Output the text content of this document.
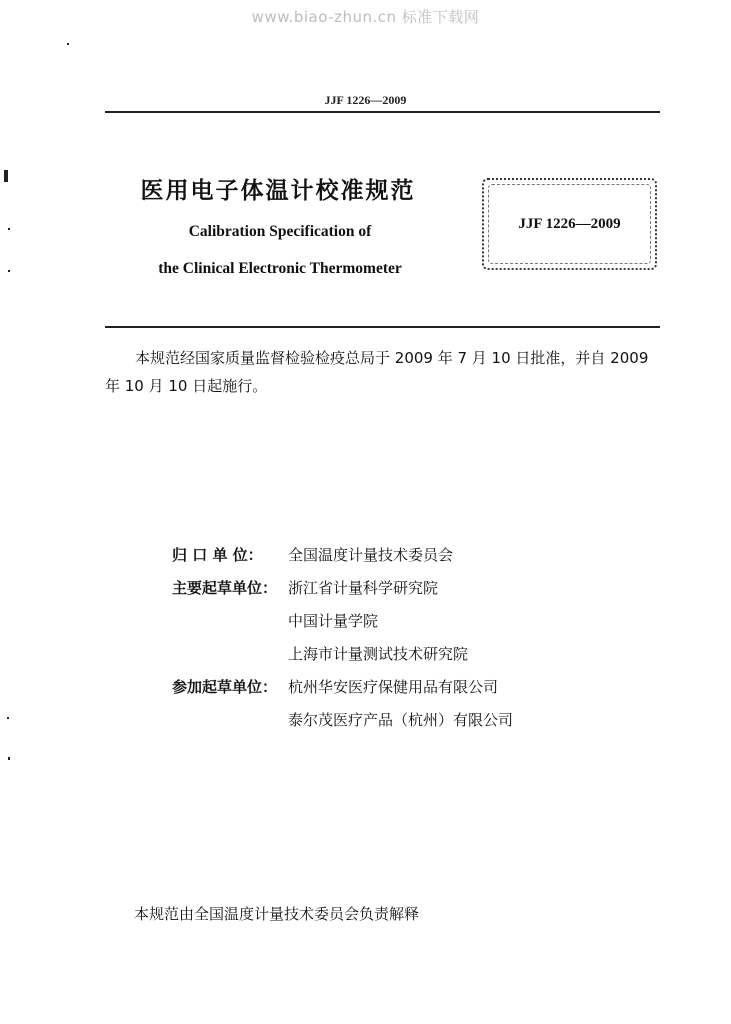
www.biao-zhun.cn 标准下载网
JJF 1226—2009
医用电子体温计校准规范
Calibration Specification of
the Clinical Electronic Thermometer
JJF 1226—2009
本规范经国家质量监督检验检疫总局于 2009 年 7 月 10 日批准，并自 2009 年 10 月 10 日起施行。
归 口 单 位：	全国温度计量技术委员会
主要起草单位： 浙江省计量科学研究院
中国计量学院
上海市计量测试技术研究院
参加起草单位： 杭州华安医疗保健用品有限公司
泰尔茂医疗产品（杭州）有限公司
本规范由全国温度计量技术委员会负责解释
